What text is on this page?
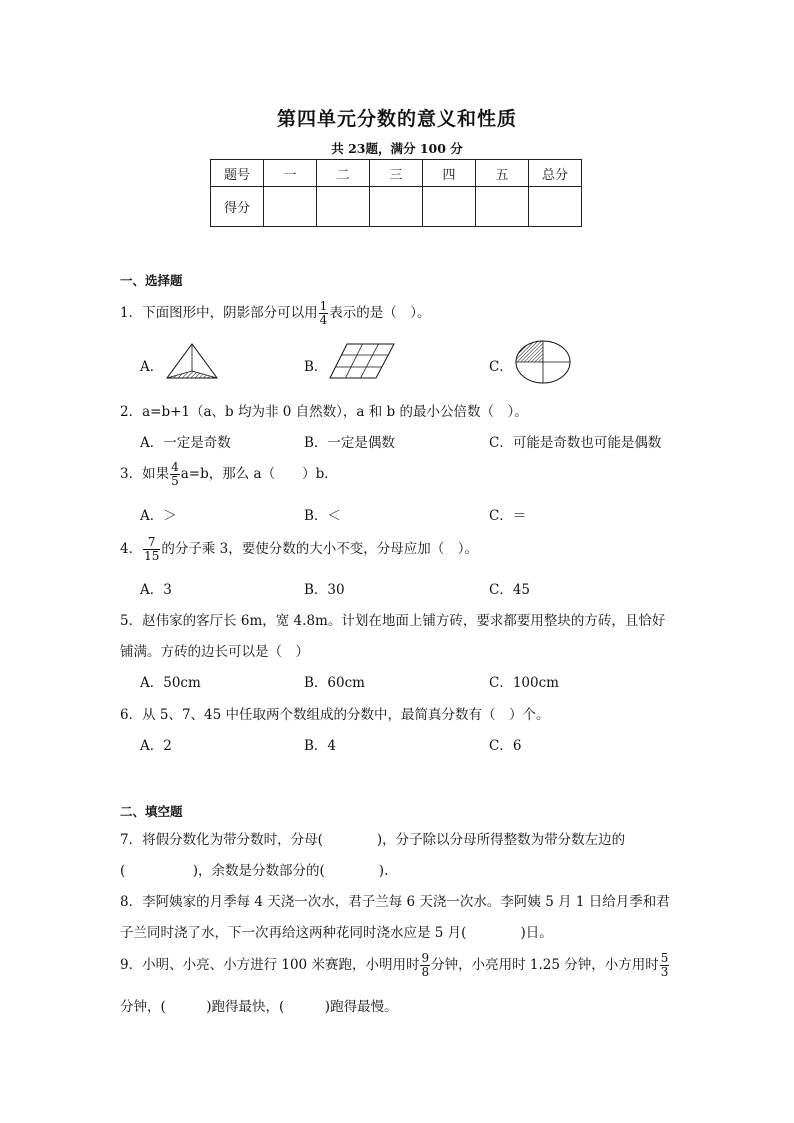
第四单元分数的意义和性质
共 23题，满分 100 分
题号	一	二	三	四	五	总分
得分						
一、选择题
1．下面图形中，阴影部分可以用 $\frac{1}{4}$ 表示的是（　）。
A．	B．	C．
2．a=b+1（a、b 均为非 0 自然数），a 和 b 的最小公倍数（　）。
A．一定是奇数	B．一定是偶数	C．可能是奇数也可能是偶数
3．如果 $\frac{4}{5} a=b$，那么 a（　　）b．
A．＞	B．＜	C．＝
4． $\frac{7}{15}$ 的分子乘 3，要使分数的大小不变，分母应加（　）。
A．3	B．30	C．45
5．赵伟家的客厅长 6m，宽 4.8m。计划在地面上铺方砖，要求都要用整块的方砖，且恰好
铺满。方砖的边长可以是（　）
A．50cm	B．60cm	C．100cm
6．从 5、7、45 中任取两个数组成的分数中，最简真分数有（　）个。
A．2	B．4	C．6
二、填空题
7．将假分数化为带分数时，分母(　　　　)，分子除以分母所得整数为带分数左边的
(　　　　　)，余数是分数部分的(　　　　).
8．李阿姨家的月季每 4 天浇一次水，君子兰每 6 天浇一次水。李阿姨 5 月 1 日给月季和君
子兰同时浇了水，下一次再给这两种花同时浇水应是 5 月(　　　　)日。
9．小明、小亮、小方进行 100 米赛跑，小明用时 $\frac{9}{8}$ 分钟，小亮用时 1.25 分钟，小方用时 $\frac{5}{3}$
分钟，(　　　)跑得最快，(　　　)跑得最慢。
